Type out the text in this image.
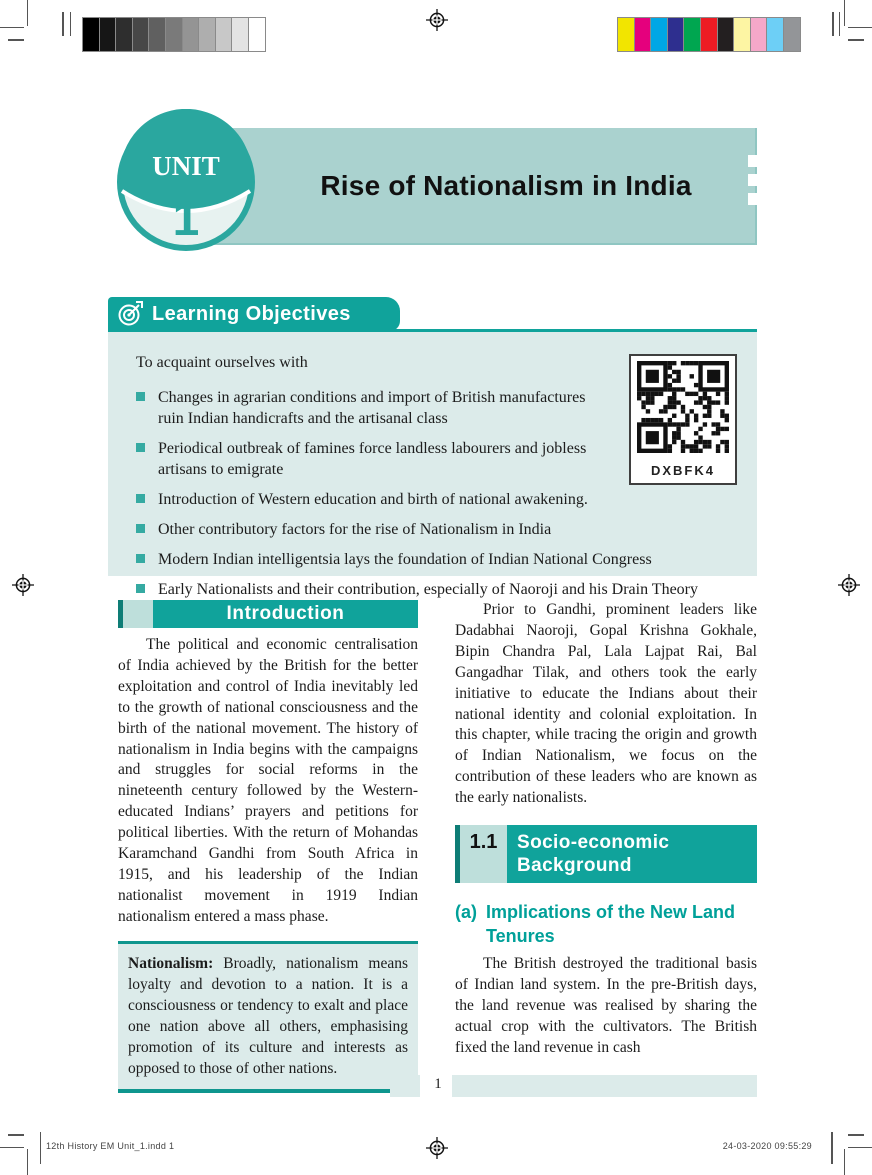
Rise of Nationalism in India
UNIT
1
Learning Objectives
DXBFK4

To acquaint ourselves with

Changes in agrarian conditions and import of British manufactures ruin Indian handicrafts and the artisanal class
Periodical outbreak of famines force landless labourers and jobless artisans to emigrate
Introduction of Western education and birth of national awakening.
Other contributory factors for the rise of Nationalism in India
Modern Indian intelligentsia lays the foundation of Indian National Congress
Early Nationalists and their contribution, especially of Naoroji and his Drain Theory
Introduction

The political and economic centralisation of India achieved by the British for the better exploitation and control of India inevitably led to the growth of national consciousness and the birth of the national movement. The history of nationalism in India begins with the campaigns and struggles for social reforms in the nineteenth century followed by the Western-educated Indians’ prayers and petitions for political liberties. With the return of Mohandas Karamchand Gandhi from South Africa in 1915, and his leadership of the Indian nationalist movement in 1919 Indian nationalism entered a mass phase.

Nationalism: Broadly, nationalism means loyalty and devotion to a nation. It is a consciousness or tendency to exalt and place one nation above all others, emphasising promotion of its culture and interests as opposed to those of other nations.

Prior to Gandhi, prominent leaders like Dadabhai Naoroji, Gopal Krishna Gokhale, Bipin Chandra Pal, Lala Lajpat Rai, Bal Gangadhar Tilak, and others took the early initiative to educate the Indians about their national identity and colonial exploitation. In this chapter, while tracing the origin and growth of Indian Nationalism, we focus on the contribution of these leaders who are known as the early nationalists.

1.1	Socio-economic Background
(a) Implications of the New Land Tenures

The British destroyed the traditional basis of Indian land system. In the pre-British days, the land revenue was realised by sharing the actual crop with the cultivators. The British fixed the land revenue in cash

1
12th History EM Unit_1.indd 1	24-03-2020 09:55:29
